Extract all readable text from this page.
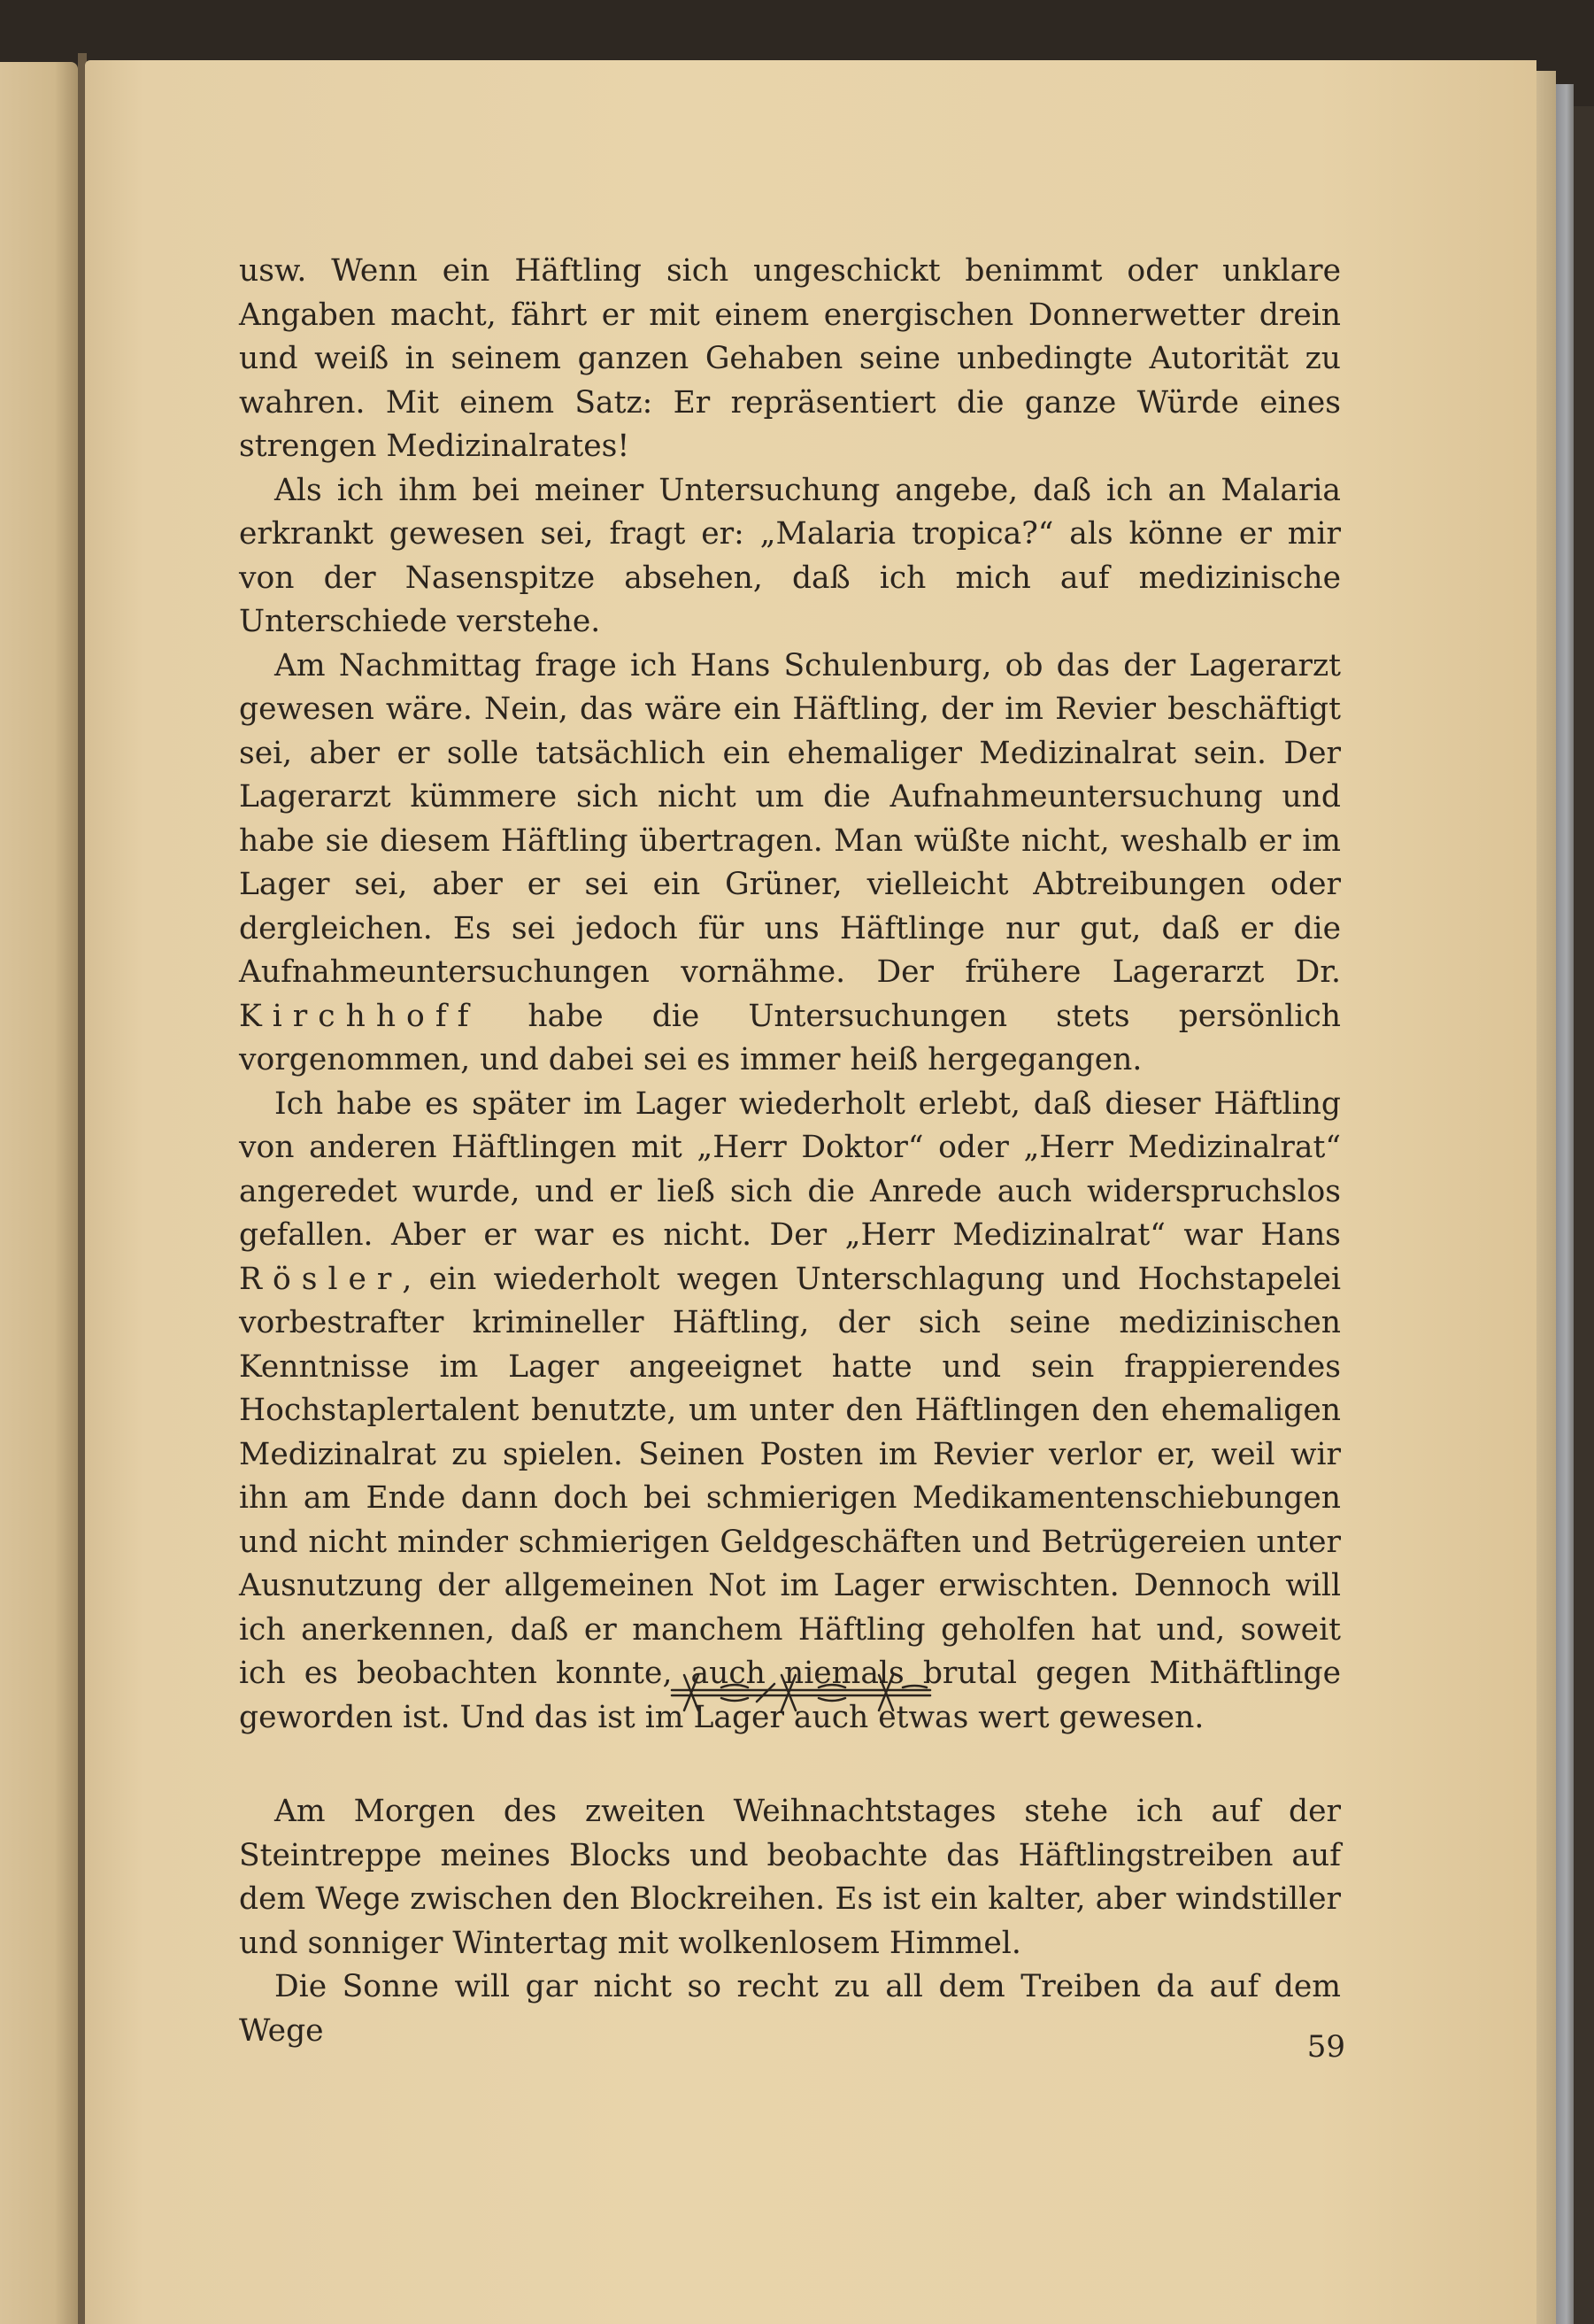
usw. Wenn ein Häftling sich ungeschickt benimmt oder unklare Angaben macht, fährt er mit einem energischen Donnerwetter drein und weiß in seinem ganzen Gehaben seine unbedingte Autorität zu wahren. Mit einem Satz: Er repräsentiert die ganze Würde eines strengen Medizinalrates!

Als ich ihm bei meiner Untersuchung angebe, daß ich an Malaria erkrankt gewesen sei, fragt er: „Malaria tropica?“ als könne er mir von der Nasenspitze absehen, daß ich mich auf medizinische Unterschiede verstehe.

Am Nachmittag frage ich Hans Schulenburg, ob das der Lagerarzt gewesen wäre. Nein, das wäre ein Häftling, der im Revier beschäftigt sei, aber er solle tatsächlich ein ehemaliger Medizinalrat sein. Der Lagerarzt kümmere sich nicht um die Aufnahmeuntersuchung und habe sie diesem Häftling übertragen. Man wüßte nicht, weshalb er im Lager sei, aber er sei ein Grüner, vielleicht Abtreibungen oder dergleichen. Es sei jedoch für uns Häftlinge nur gut, daß er die Aufnahmeuntersuchungen vornähme. Der frühere Lagerarzt Dr. Kirchhoff habe die Untersuchungen stets persönlich vorgenommen, und dabei sei es immer heiß hergegangen.

Ich habe es später im Lager wiederholt erlebt, daß dieser Häftling von anderen Häftlingen mit „Herr Doktor“ oder „Herr Medizinalrat“ angeredet wurde, und er ließ sich die Anrede auch widerspruchslos gefallen. Aber er war es nicht. Der „Herr Medizinalrat“ war Hans Rösler, ein wiederholt wegen Unterschlagung und Hochstapelei vorbestrafter krimineller Häftling, der sich seine medizinischen Kenntnisse im Lager angeeignet hatte und sein frappierendes Hochstaplertalent benutzte, um unter den Häftlingen den ehemaligen Medizinalrat zu spielen. Seinen Posten im Revier verlor er, weil wir ihn am Ende dann doch bei schmierigen Medikamentenschiebungen und nicht minder schmierigen Geldgeschäften und Betrügereien unter Ausnutzung der allgemeinen Not im Lager erwischten. Dennoch will ich anerkennen, daß er manchem Häftling geholfen hat und, soweit ich es beobachten konnte, auch niemals brutal gegen Mithäftlinge geworden ist. Und das ist im Lager auch etwas wert gewesen.

Am Morgen des zweiten Weihnachtstages stehe ich auf der Steintreppe meines Blocks und beobachte das Häftlingstreiben auf dem Wege zwischen den Blockreihen. Es ist ein kalter, aber windstiller und sonniger Wintertag mit wolkenlosem Himmel.

Die Sonne will gar nicht so recht zu all dem Treiben da auf dem Wege	59
